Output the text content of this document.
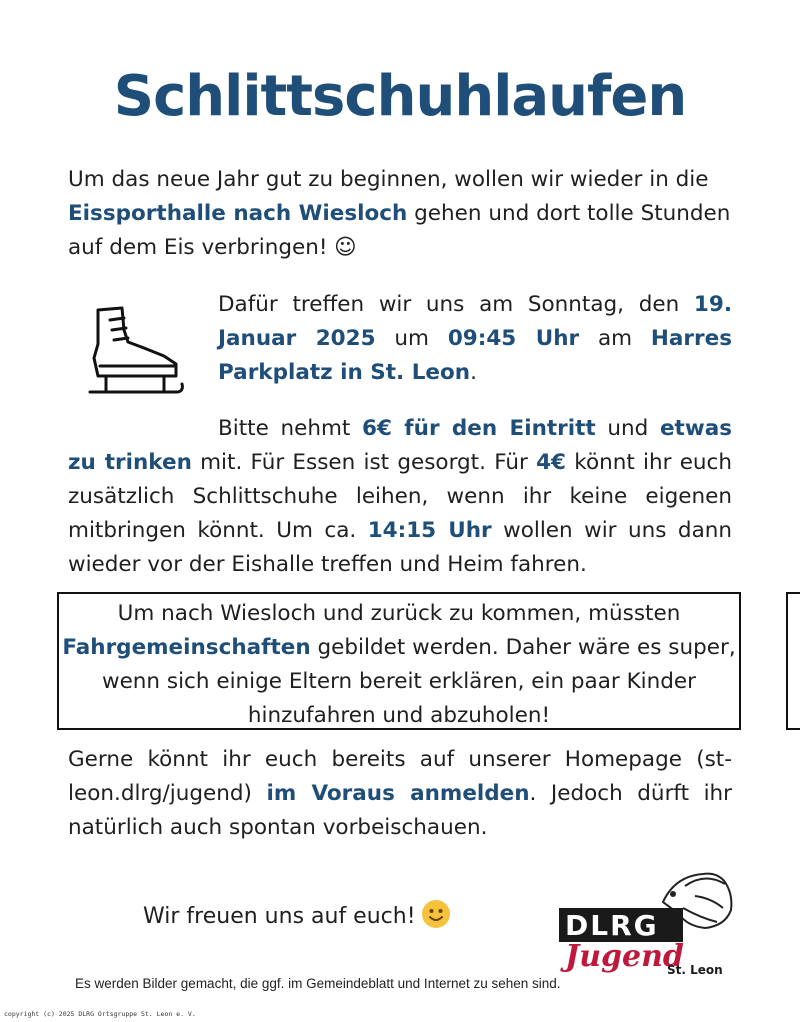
Schlittschuhlaufen
Um das neue Jahr gut zu beginnen, wollen wir wieder in die Eissporthalle nach Wiesloch gehen und dort tolle Stunden auf dem Eis verbringen! ☺
Dafür treffen wir uns am Sonntag, den 19. Januar 2025 um 09:45 Uhr am Harres Parkplatz in St. Leon.
Bitte nehmt 6€ für den Eintritt und etwas zu trinken mit. Für Essen ist gesorgt. Für 4€ könnt ihr euch zusätzlich Schlittschuhe leihen, wenn ihr keine eigenen mitbringen könnt. Um ca. 14:15 Uhr wollen wir uns dann wieder vor der Eishalle treffen und Heim fahren.
Um nach Wiesloch und zurück zu kommen, müssten Fahrgemeinschaften gebildet werden. Daher wäre es super, wenn sich einige Eltern bereit erklären, ein paar Kinder hinzufahren und abzuholen!
Gerne könnt ihr euch bereits auf unserer Homepage (st-leon.dlrg/jugend) im Voraus anmelden. Jedoch dürft ihr natürlich auch spontan vorbeischauen.
Wir freuen uns auf euch!	DLRG
Jugend
St. Leon
Es werden Bilder gemacht, die ggf. im Gemeindeblatt und Internet zu sehen sind.
copyright (c) 2025 DLRG Ortsgruppe St. Leon e. V.
